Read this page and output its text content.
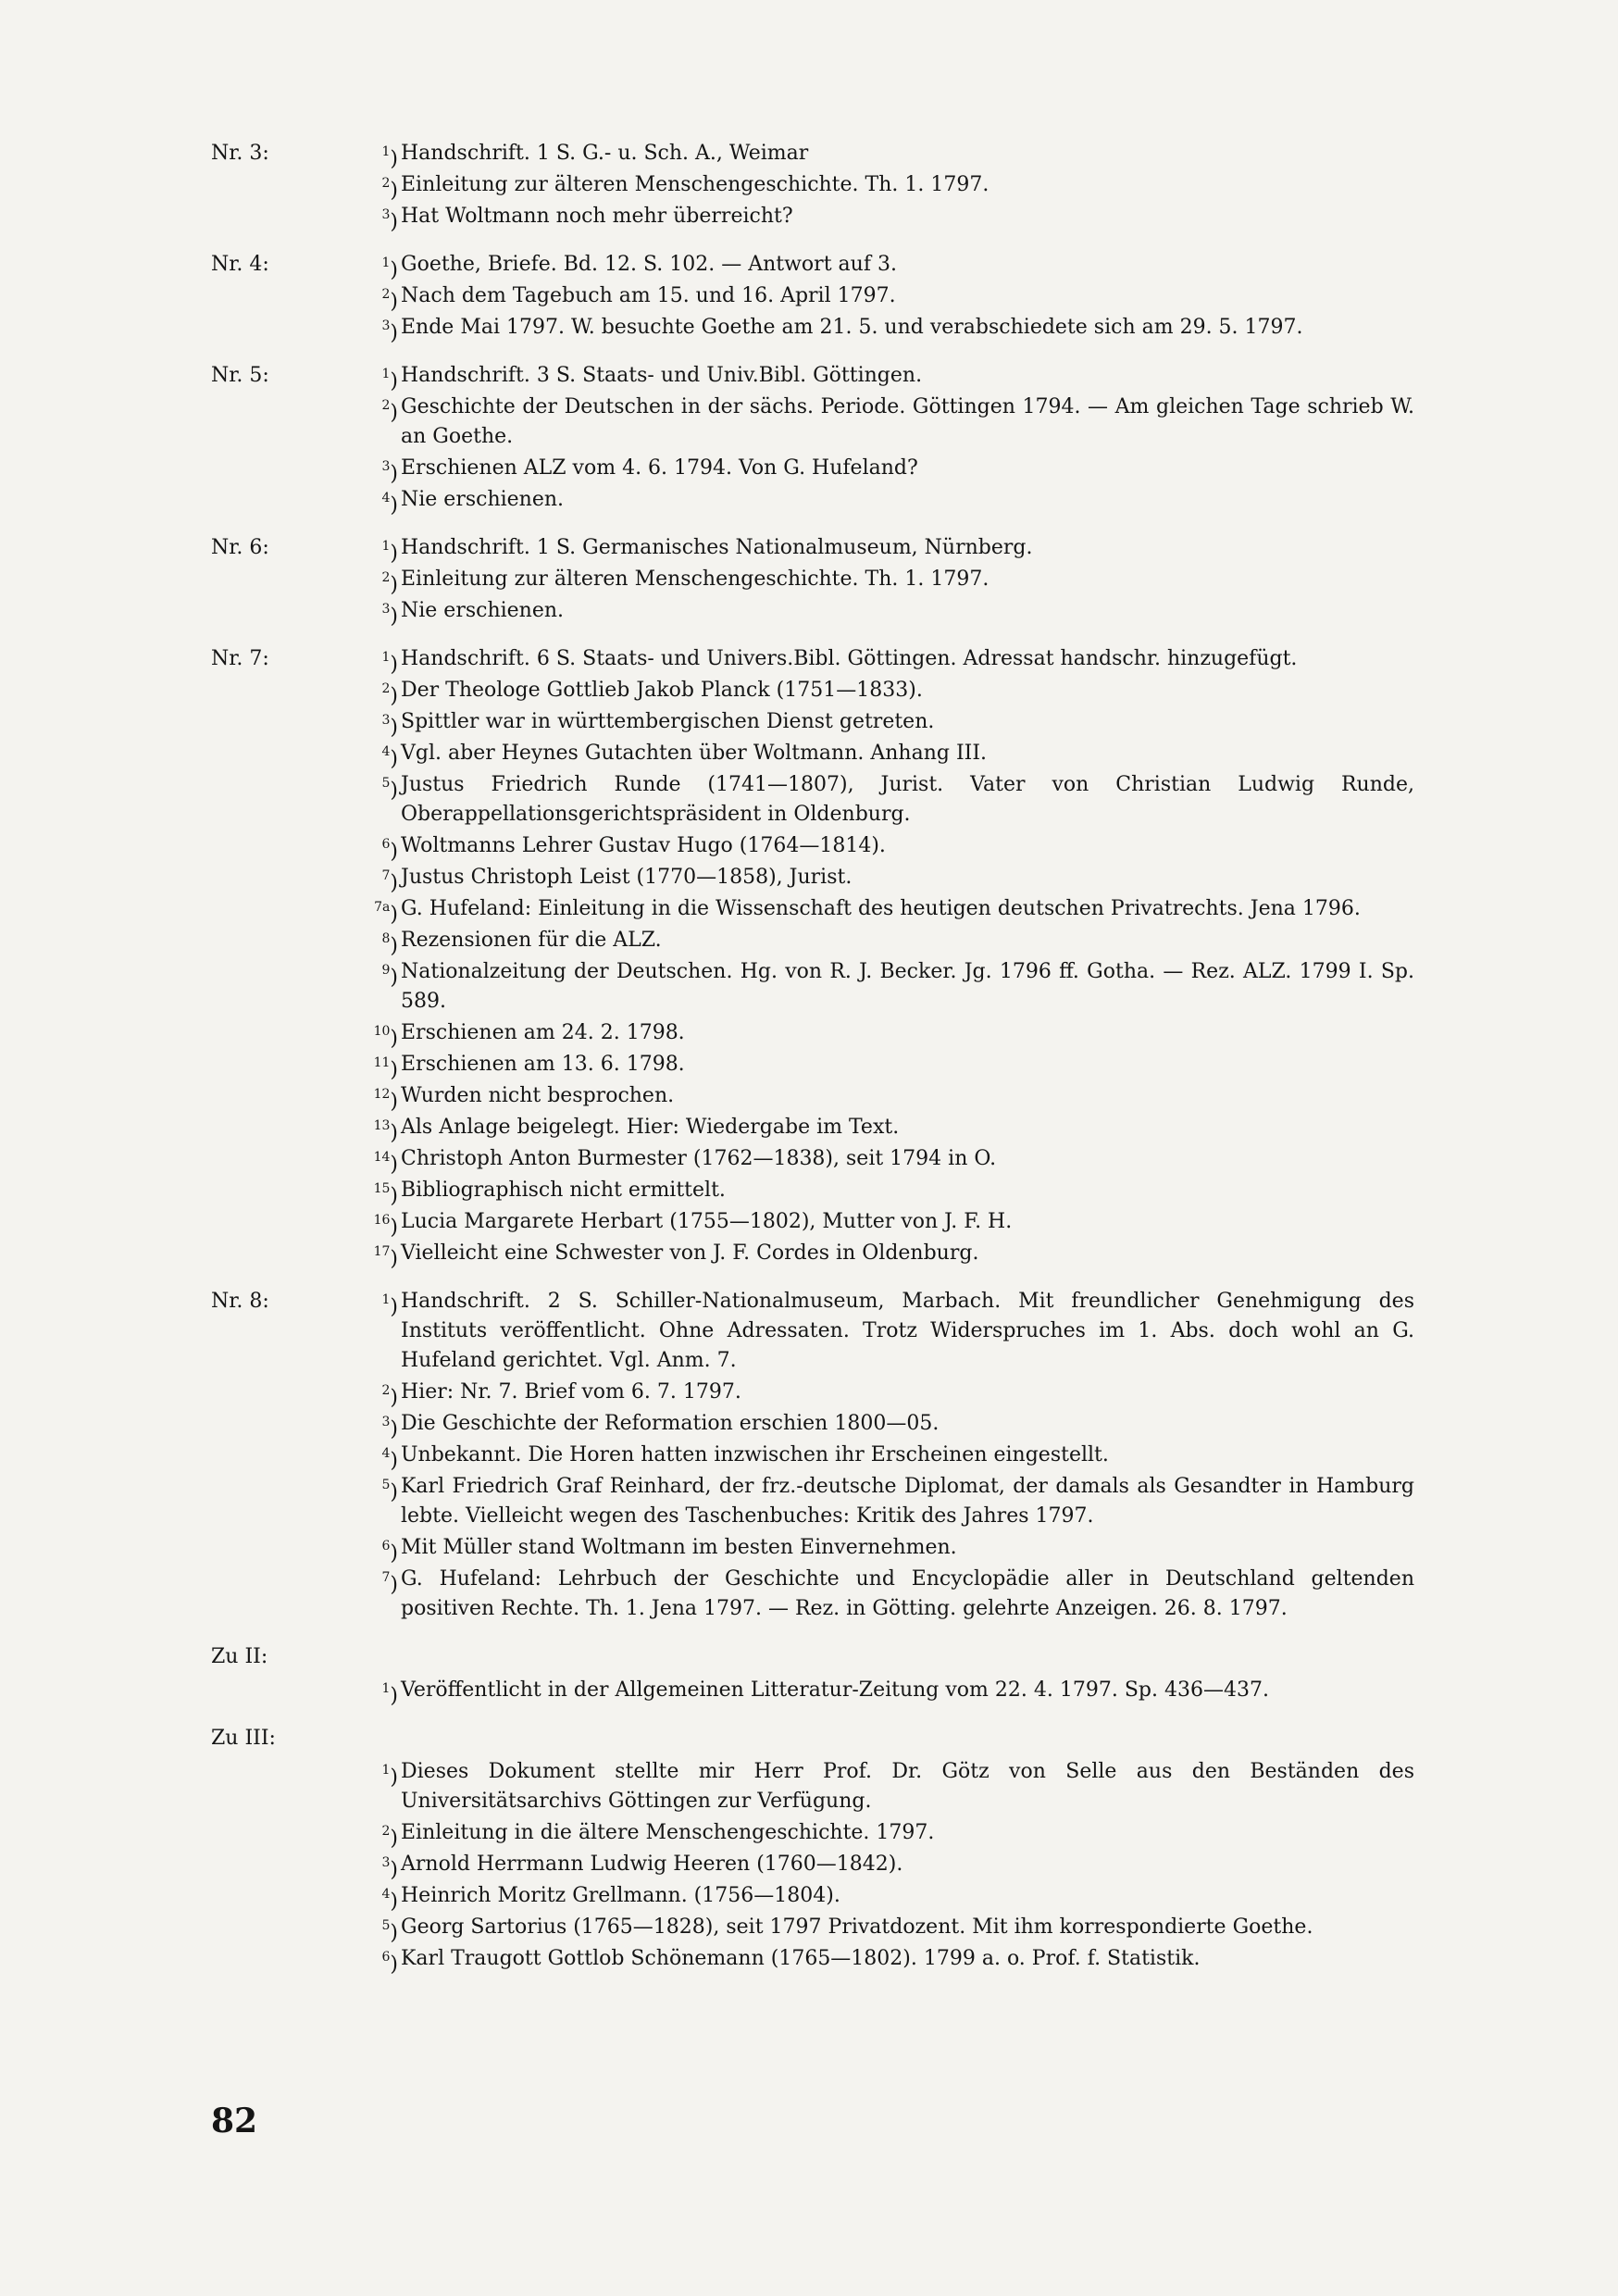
Nr. 3:	$^1$) Handschrift. 1 S. G.- u. Sch. A., Weimar
$^2$) Einleitung zur älteren Menschengeschichte. Th. 1. 1797.
$^3$) Hat Woltmann noch mehr überreicht?
Nr. 4:	$^1$) Goethe, Briefe. Bd. 12. S. 102. — Antwort auf 3.
$^2$) Nach dem Tagebuch am 15. und 16. April 1797.
$^3$) Ende Mai 1797. W. besuchte Goethe am 21. 5. und verabschiedete sich am 29. 5. 1797.
Nr. 5:	$^1$) Handschrift. 3 S. Staats- und Univ.Bibl. Göttingen.
$^2$) Geschichte der Deutschen in der sächs. Periode. Göttingen 1794. — Am gleichen Tage schrieb W. an Goethe.
$^3$) Erschienen ALZ vom 4. 6. 1794. Von G. Hufeland?
$^4$) Nie erschienen.
Nr. 6:	$^1$) Handschrift. 1 S. Germanisches Nationalmuseum, Nürnberg.
$^2$) Einleitung zur älteren Menschengeschichte. Th. 1. 1797.
$^3$) Nie erschienen.
Nr. 7:	$^1$) Handschrift. 6 S. Staats- und Univers.Bibl. Göttingen. Adressat handschr. hinzugefügt.
$^2$) Der Theologe Gottlieb Jakob Planck (1751—1833).
$^3$) Spittler war in württembergischen Dienst getreten.
$^4$) Vgl. aber Heynes Gutachten über Woltmann. Anhang III.
$^5$) Justus Friedrich Runde (1741—1807), Jurist. Vater von Christian Ludwig Runde, Oberappellationsgerichtspräsident in Oldenburg.
$^6$) Woltmanns Lehrer Gustav Hugo (1764—1814).
$^7$) Justus Christoph Leist (1770—1858), Jurist.
$^{7a}$) G. Hufeland: Einleitung in die Wissenschaft des heutigen deutschen Privatrechts. Jena 1796.
$^8$) Rezensionen für die ALZ.
$^9$) Nationalzeitung der Deutschen. Hg. von R. J. Becker. Jg. 1796 ff. Gotha. — Rez. ALZ. 1799 I. Sp. 589.
$^{10}$) Erschienen am 24. 2. 1798.
$^{11}$) Erschienen am 13. 6. 1798.
$^{12}$) Wurden nicht besprochen.
$^{13}$) Als Anlage beigelegt. Hier: Wiedergabe im Text.
$^{14}$) Christoph Anton Burmester (1762—1838), seit 1794 in O.
$^{15}$) Bibliographisch nicht ermittelt.
$^{16}$) Lucia Margarete Herbart (1755—1802), Mutter von J. F. H.
$^{17}$) Vielleicht eine Schwester von J. F. Cordes in Oldenburg.
Nr. 8:	$^1$) Handschrift. 2 S. Schiller-Nationalmuseum, Marbach. Mit freundlicher Genehmigung des Instituts veröffentlicht. Ohne Adressaten. Trotz Widerspruches im 1. Abs. doch wohl an G. Hufeland gerichtet. Vgl. Anm. 7.
$^2$) Hier: Nr. 7. Brief vom 6. 7. 1797.
$^3$) Die Geschichte der Reformation erschien 1800—05.
$^4$) Unbekannt. Die Horen hatten inzwischen ihr Erscheinen eingestellt.
$^5$) Karl Friedrich Graf Reinhard, der frz.-deutsche Diplomat, der damals als Gesandter in Hamburg lebte. Vielleicht wegen des Taschenbuches: Kritik des Jahres 1797.
$^6$) Mit Müller stand Woltmann im besten Einvernehmen.
$^7$) G. Hufeland: Lehrbuch der Geschichte und Encyclopädie aller in Deutschland geltenden positiven Rechte. Th. 1. Jena 1797. — Rez. in Götting. gelehrte Anzeigen. 26. 8. 1797.
Zu II:
$^1$) Veröffentlicht in der Allgemeinen Litteratur-Zeitung vom 22. 4. 1797. Sp. 436—437.
Zu III:
$^1$) Dieses Dokument stellte mir Herr Prof. Dr. Götz von Selle aus den Beständen des Universitätsarchivs Göttingen zur Verfügung.
$^2$) Einleitung in die ältere Menschengeschichte. 1797.
$^3$) Arnold Herrmann Ludwig Heeren (1760—1842).
$^4$) Heinrich Moritz Grellmann. (1756—1804).
$^5$) Georg Sartorius (1765—1828), seit 1797 Privatdozent. Mit ihm korrespondierte Goethe.
$^6$) Karl Traugott Gottlob Schönemann (1765—1802). 1799 a. o. Prof. f. Statistik.
82
